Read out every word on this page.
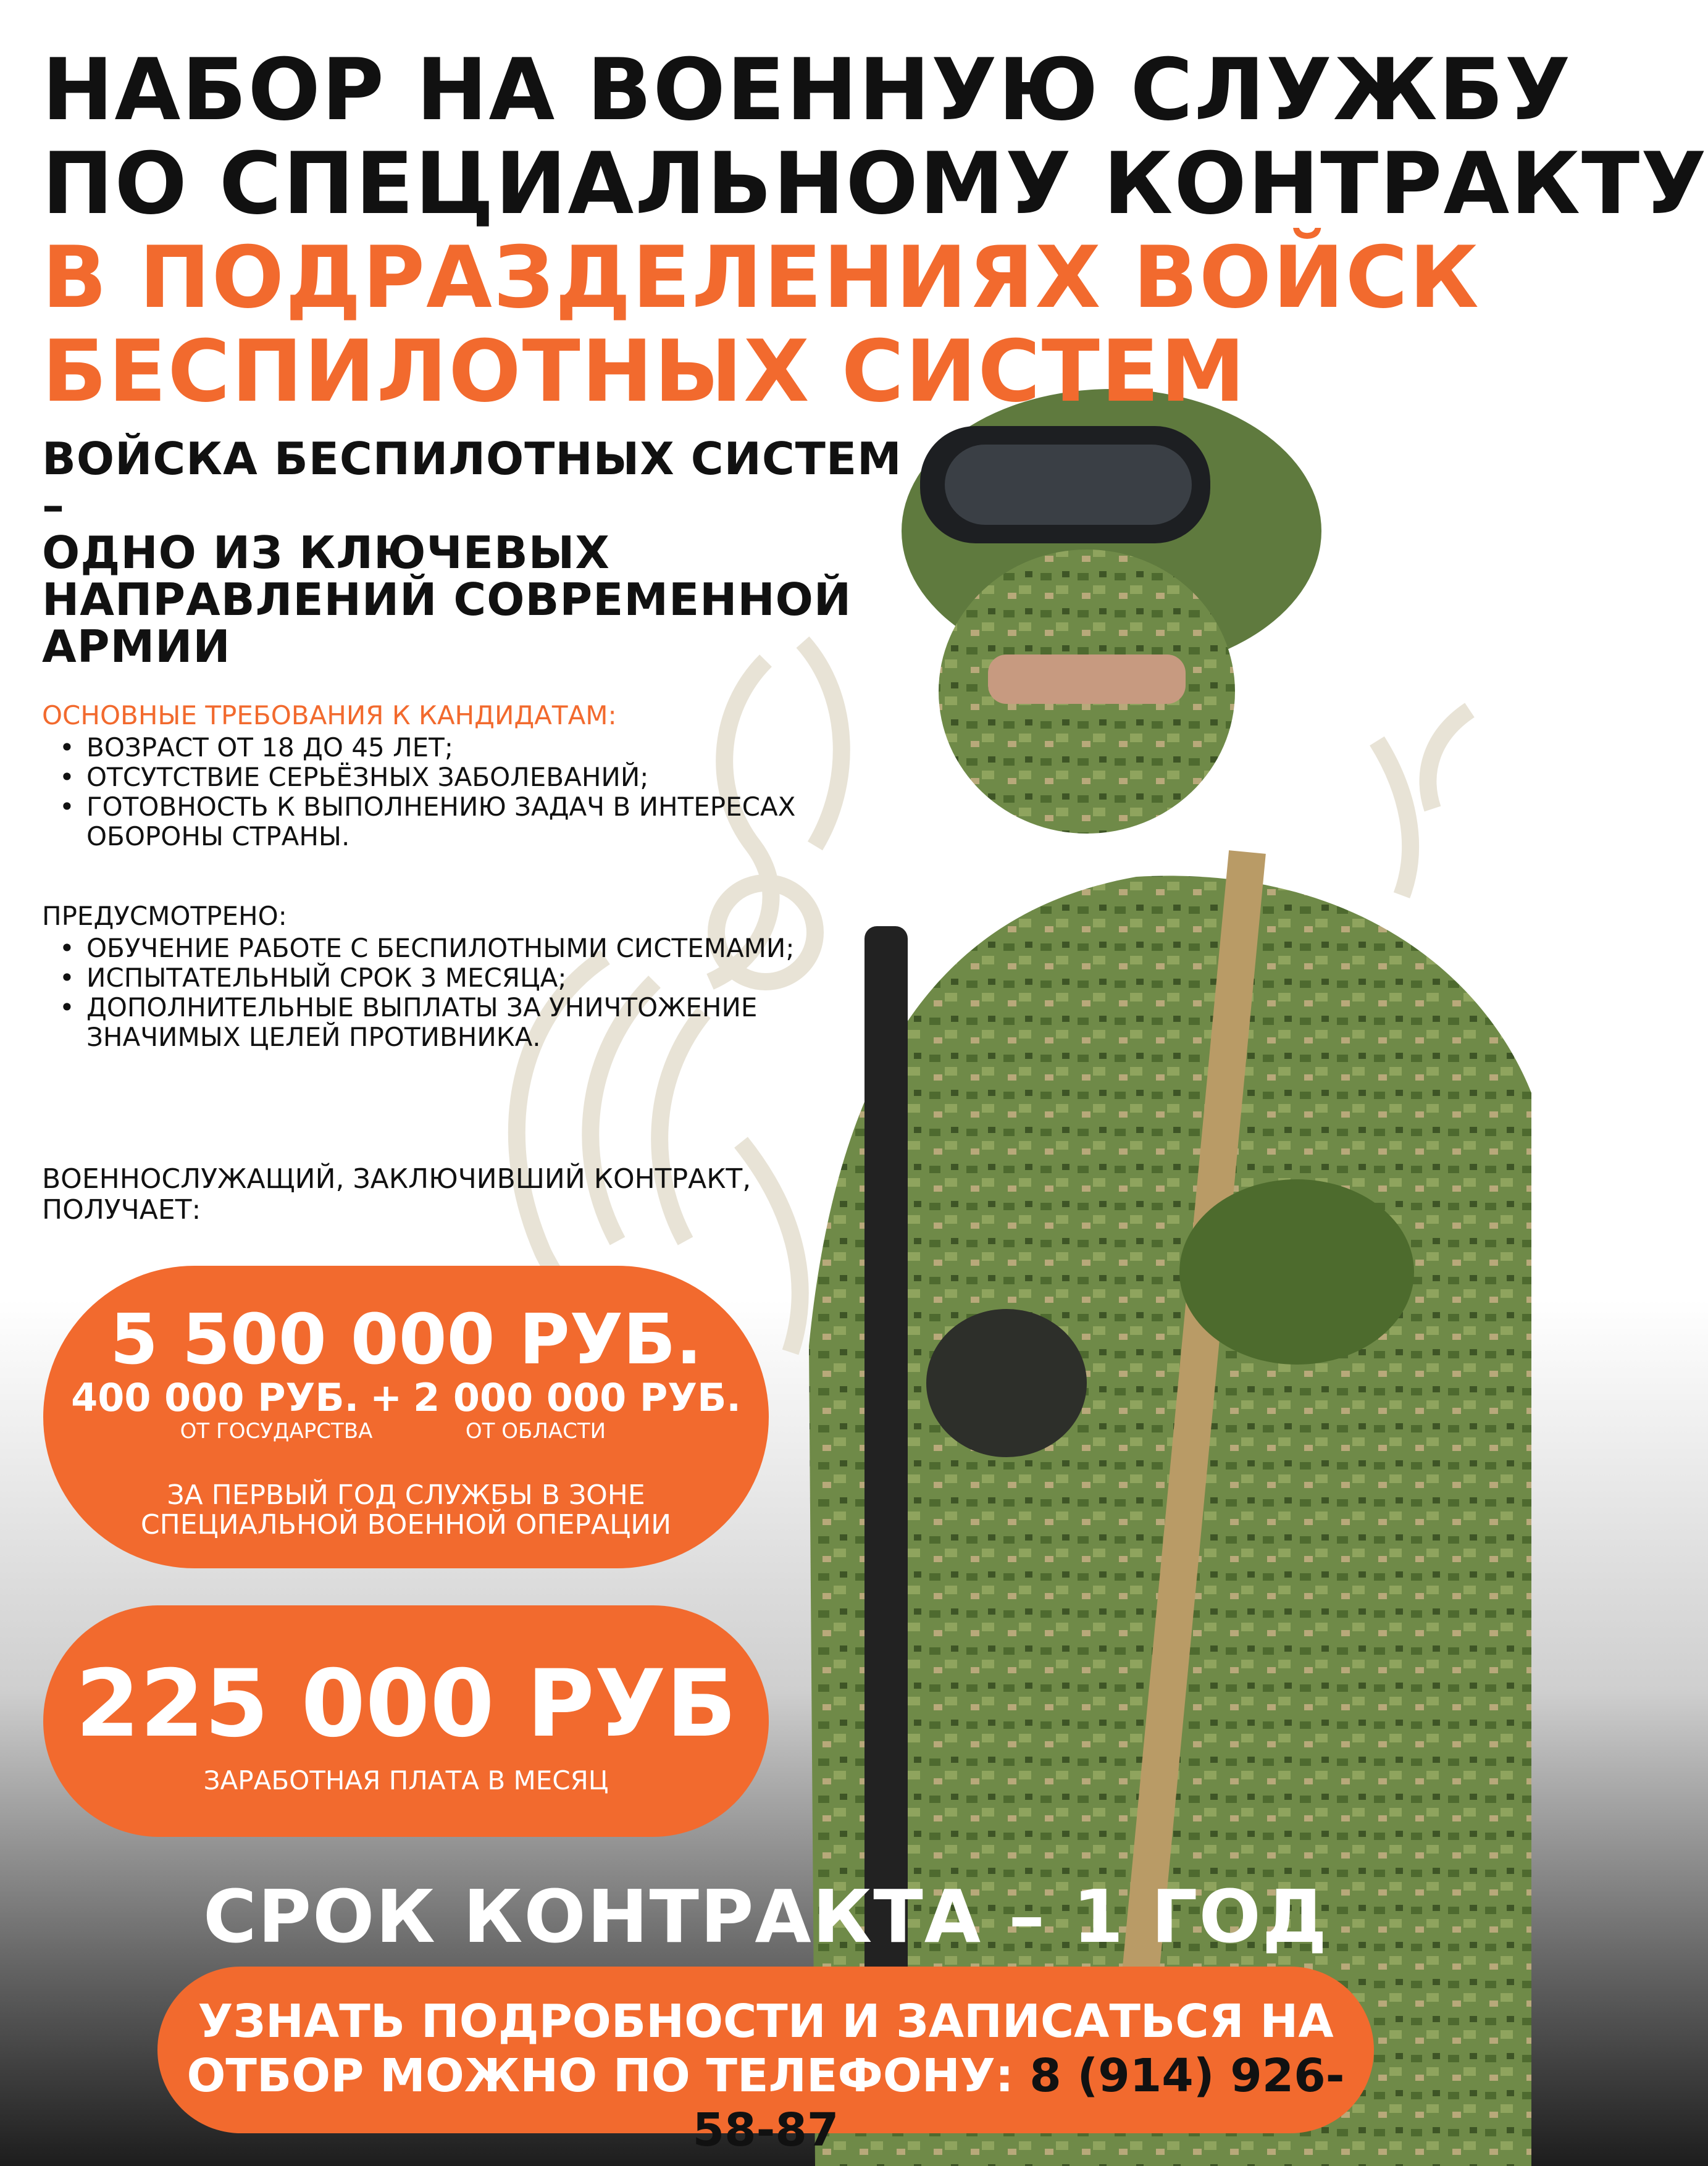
НАБОР НА ВОЕННУЮ СЛУЖБУ
ПО СПЕЦИАЛЬНОМУ КОНТРАКТУ
В ПОДРАЗДЕЛЕНИЯХ ВОЙСК
БЕСПИЛОТНЫХ СИСТЕМ
ВОЙСКА БЕСПИЛОТНЫХ СИСТЕМ –
ОДНО ИЗ КЛЮЧЕВЫХ
НАПРАВЛЕНИЙ СОВРЕМЕННОЙ
АРМИИ
ОСНОВНЫЕ ТРЕБОВАНИЯ К КАНДИДАТАМ:
• ВОЗРАСТ ОТ 18 ДО 45 ЛЕТ;
• ОТСУТСТВИЕ СЕРЬЁЗНЫХ ЗАБОЛЕВАНИЙ;
• ГОТОВНОСТЬ К ВЫПОЛНЕНИЮ ЗАДАЧ В ИНТЕРЕСАХ ОБОРОНЫ СТРАНЫ.
ПРЕДУСМОТРЕНО:
• ОБУЧЕНИЕ РАБОТЕ С БЕСПИЛОТНЫМИ СИСТЕМАМИ;
• ИСПЫТАТЕЛЬНЫЙ СРОК 3 МЕСЯЦА;
• ДОПОЛНИТЕЛЬНЫЕ ВЫПЛАТЫ ЗА УНИЧТОЖЕНИЕ ЗНАЧИМЫХ ЦЕЛЕЙ ПРОТИВНИКА.
ВОЕННОСЛУЖАЩИЙ, ЗАКЛЮЧИВШИЙ КОНТРАКТ,
ПОЛУЧАЕТ:
5 500 000 РУБ.
400 000 РУБ. + 2 000 000 РУБ.
ОТ ГОСУДАРСТВА	ОТ ОБЛАСТИ
ЗА ПЕРВЫЙ ГОД СЛУЖБЫ В ЗОНЕ
СПЕЦИАЛЬНОЙ ВОЕННОЙ ОПЕРАЦИИ
225 000 РУБ
ЗАРАБОТНАЯ ПЛАТА В МЕСЯЦ
СРОК КОНТРАКТА – 1 ГОД
УЗНАТЬ ПОДРОБНОСТИ И ЗАПИСАТЬСЯ НА
ОТБОР МОЖНО ПО ТЕЛЕФОНУ: 8 (914) 926-58-87
